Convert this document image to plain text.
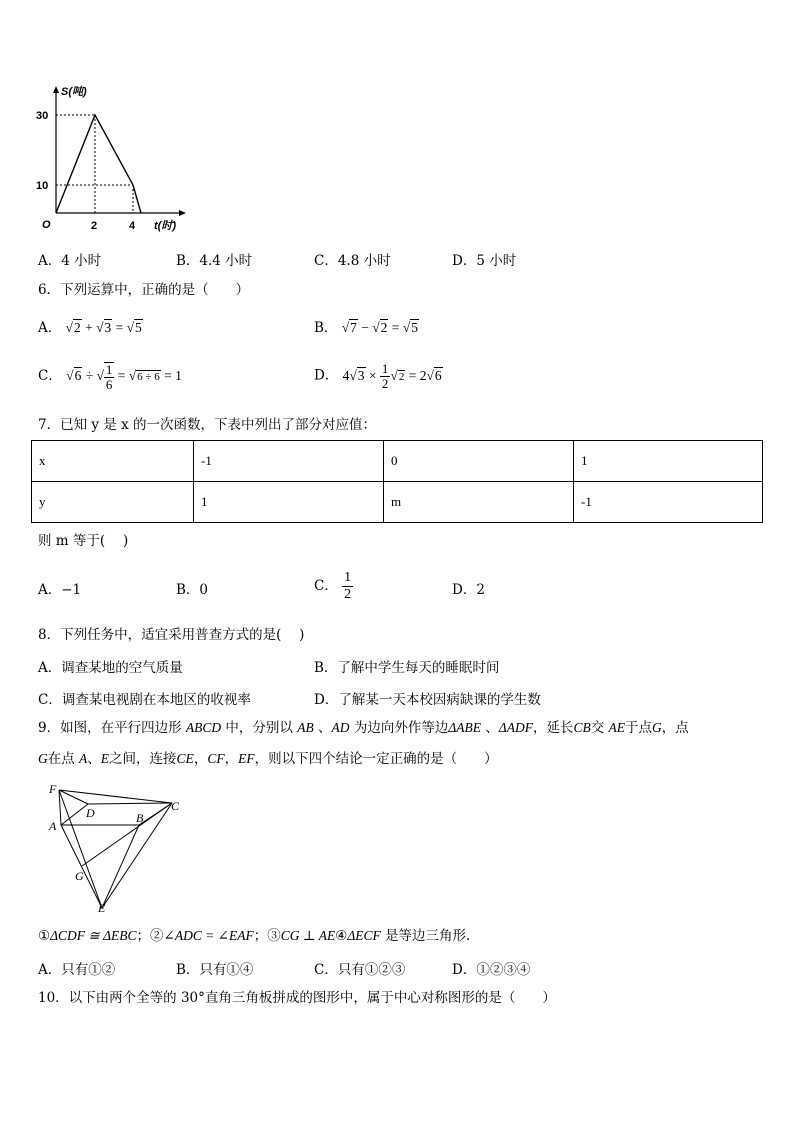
S(吨)
t(时)
O
30
10
2	4
A．4 小时	B．4.4 小时	C．4.8 小时	D．5 小时
6．下列运算中，正确的是（　　）
A． √2 + √3 = √5	B． √7 − √2 = √5
C． √6 ÷ √ $\frac{1}{6} = √6 \div 6 = 1$	D． $4√3 \times \frac{1}{2} √2 = 2√6$
7．已知 y 是 x 的一次函数，下表中列出了部分对应值：
x	-1	0	1
y	1	m	-1
则 m 等于(　 )
A．−1	B．0	C． $\frac{1}{2}$	D．2
8．下列任务中，适宜采用普查方式的是(　 )
A．调查某地的空气质量	B．了解中学生每天的睡眠时间
C．调查某电视剧在本地区的收视率	D．了解某一天本校因病缺课的学生数
9．如图，在平行四边形 ABCD 中，分别以 AB 、AD 为边向外作等边ΔABE 、ΔADF，延长CB交 AE于点G，点
G在点 A、E之间，连接CE，CF，EF，则以下四个结论一定正确的是（　　）
F
D	C
A
B
G
E
①ΔCDF ≅ ΔEBC；②∠ADC = ∠EAF；③CG ⊥ AE④ΔECF 是等边三角形.
A．只有①②	B．只有①④	C．只有①②③	D．①②③④
10．以下由两个全等的 30°直角三角板拼成的图形中，属于中心对称图形的是（　　）
